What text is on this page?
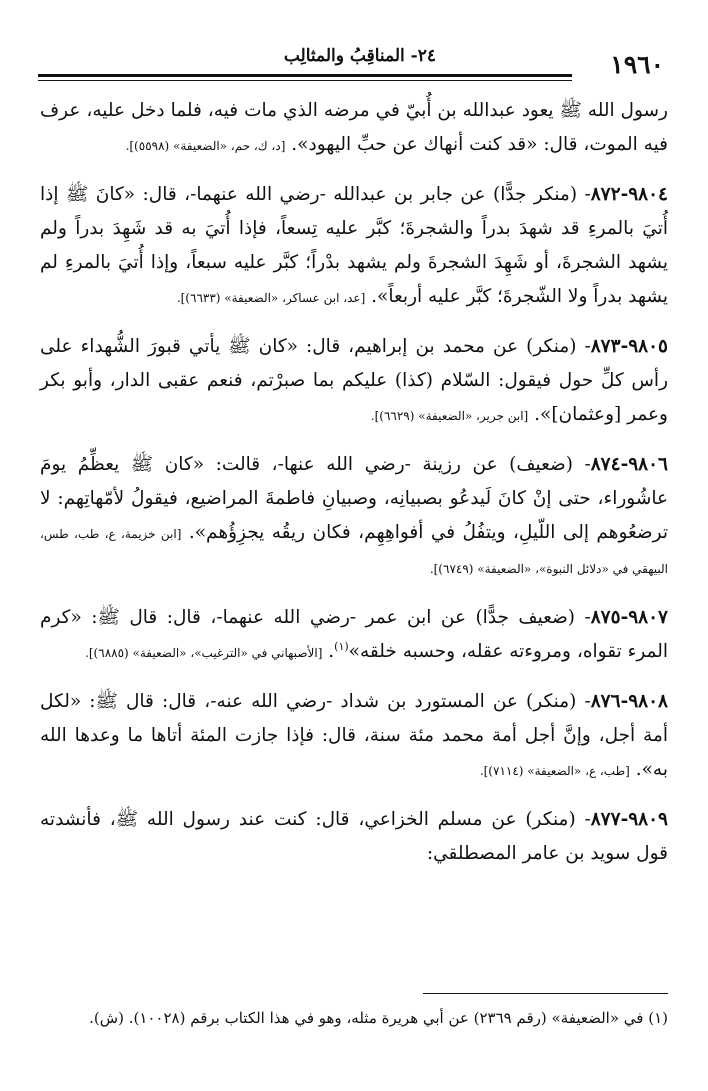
١٩٦٠
٢٤- المناقِبُ والمثالِب

رسول الله ﷺ يعود عبدالله بن أُبيّ في مرضه الذي مات فيه، فلما دخل عليه، عرف فيه الموت، قال: «قد كنت أنهاك عن حبِّ اليهود». [د، ك، حم، «الضعيفة» (٥٥٩٨)].

٩٨٠٤-٨٧٢- (منكر جدًّا) عن جابر بن عبدالله -رضي الله عنهما-، قال: «كانَ ﷺ إذا أُتيَ بالمرءِ قد شهدَ بدراً والشجرةَ؛ كبَّر عليه تِسعاً، فإذا أُتيَ به قد شَهِدَ بدراً ولم يشهد الشجرةَ، أو شَهِدَ الشجرةَ ولم يشهد بدْراً؛ كبَّر عليه سبعاً، وإذا أُتيَ بالمرءِ لم يشهد بدراً ولا الشّجرةَ؛ كبَّر عليه أربعاً». [عد، ابن عساكر، «الضعيفة» (٦٦٣٣)].

٩٨٠٥-٨٧٣- (منكر) عن محمد بن إبراهيم، قال: «كان ﷺ يأتي قبورَ الشُّهداء على رأس كلِّ حول فيقول: السّلام (كذا) عليكم بما صبرْتم، فنعم عقبى الدار، وأبو بكر وعمر [وعثمان]». [ابن جرير، «الضعيفة» (٦٦٢٩)].

٩٨٠٦-٨٧٤- (ضعيف) عن رزينة -رضي الله عنها-، قالت: «كان ﷺ يعظِّمُ يومَ عاشُوراء، حتى إنْ كانَ لَيدعُو بصبيانِه، وصبيانِ فاطمةَ المراضيع، فيقولُ لأمّهاتِهم: لا ترضعُوهم إلى اللّيلِ، ويتفُلُ في أفواهِهِم، فكان ريقُه يجزِؤُهم». [ابن خزيمة، ع، طب، طس، البيهقي في «دلائل النبوة»، «الضعيفة» (٦٧٤٩)].

٩٨٠٧-٨٧٥- (ضعيف جدًّا) عن ابن عمر -رضي الله عنهما-، قال: قال ﷺ: «كرم المرء تقواه، ومروءته عقله، وحسبه خلقه»$^{(١)}$. [الأصبهاني في «الترغيب»، «الضعيفة» (٦٨٨٥)].

٩٨٠٨-٨٧٦- (منكر) عن المستورد بن شداد -رضي الله عنه-، قال: قال ﷺ: «لكل أمة أجل، وإنَّ أجل أمة محمد مئة سنة، قال: فإذا جازت المئة أتاها ما وعدها الله به». [طب، ع، «الضعيفة» (٧١١٤)].

٩٨٠٩-٨٧٧- (منكر) عن مسلم الخزاعي، قال: كنت عند رسول الله ﷺ، فأنشدته قول سويد بن عامر المصطلقي:

(١) في «الضعيفة» (رقم ٢٣٦٩) عن أبي هريرة مثله، وهو في هذا الكتاب برقم (١٠٠٢٨). (ش).
